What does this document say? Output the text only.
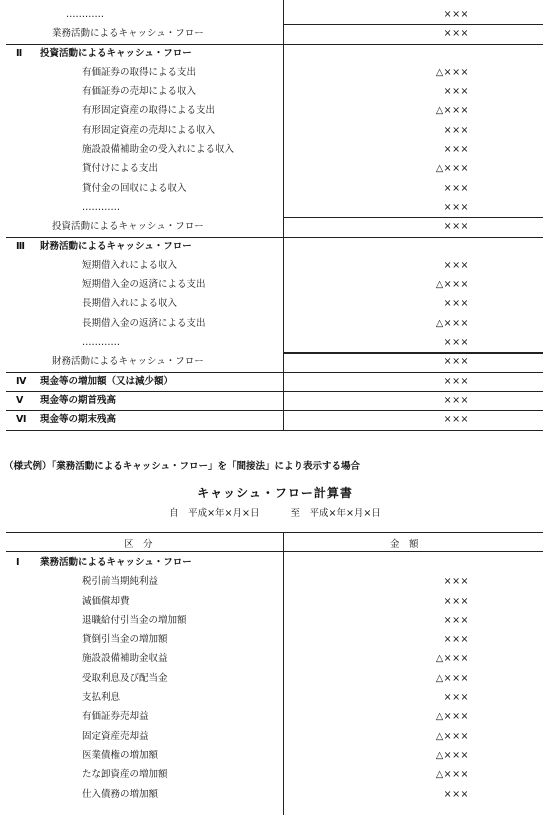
…………	×××
業務活動によるキャッシュ・フロー	×××
Ⅱ 投資活動によるキャッシュ・フロー
有価証券の取得による支出	△×××
有価証券の売却による収入	×××
有形固定資産の取得による支出	△×××
有形固定資産の売却による収入	×××
施設設備補助金の受入れによる収入	×××
貸付けによる支出	△×××
貸付金の回収による収入	×××
…………	×××
投資活動によるキャッシュ・フロー	×××
Ⅲ 財務活動によるキャッシュ・フロー
短期借入れによる収入	×××
短期借入金の返済による支出	△×××
長期借入れによる収入	×××
長期借入金の返済による支出	△×××
…………	×××
財務活動によるキャッシュ・フロー	×××
Ⅳ 現金等の増加額（又は減少額）	×××
Ⅴ 現金等の期首残高	×××
Ⅵ 現金等の期末残高	×××
（様式例）「業務活動によるキャッシュ・フロー」を「間接法」により表示する場合
キャッシュ・フロー計算書
自　平成×年×月×日	至　平成×年×月×日
区　分	金　額
Ⅰ 業務活動によるキャッシュ・フロー
税引前当期純利益	×××
減価償却費	×××
退職給付引当金の増加額	×××
貸倒引当金の増加額	×××
施設設備補助金収益	△×××
受取利息及び配当金	△×××
支払利息	×××
有価証券売却益	△×××
固定資産売却益	△×××
医業債権の増加額	△×××
たな卸資産の増加額	△×××
仕入債務の増加額	×××
